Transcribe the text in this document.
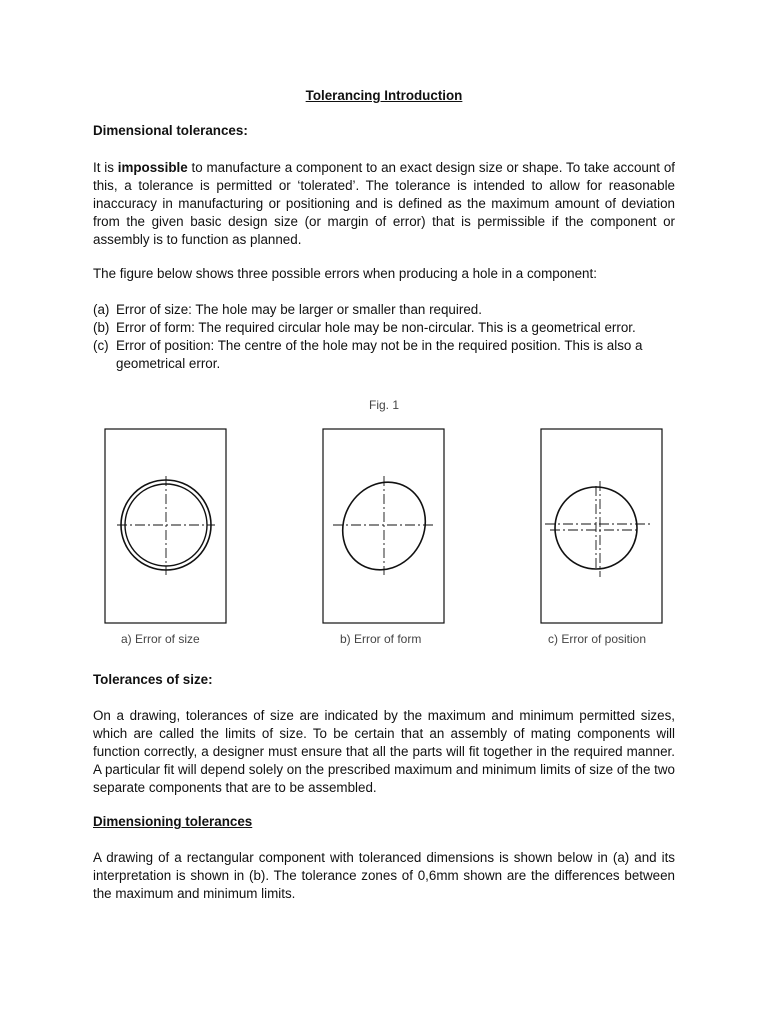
Tolerancing Introduction

Dimensional tolerances:

It is impossible to manufacture a component to an exact design size or shape. To take account of this, a tolerance is permitted or ‘tolerated’. The tolerance is intended to allow for reasonable inaccuracy in manufacturing or positioning and is defined as the maximum amount of deviation from the given basic design size (or margin of error) that is permissible if the component or assembly is to function as planned.

The figure below shows three possible errors when producing a hole in a component:

(a) Error of size: The hole may be larger or smaller than required.
(b) Error of form: The required circular hole may be non-circular. This is a geometrical error.
(c) Error of position: The centre of the hole may not be in the required position. This is also a geometrical error.
Fig. 1
a) Error of size	b) Error of form	c) Error of position

Tolerances of size:

On a drawing, tolerances of size are indicated by the maximum and minimum permitted sizes, which are called the limits of size. To be certain that an assembly of mating components will function correctly, a designer must ensure that all the parts will fit together in the required manner. A particular fit will depend solely on the prescribed maximum and minimum limits of size of the two separate components that are to be assembled.

Dimensioning tolerances

A drawing of a rectangular component with toleranced dimensions is shown below in (a) and its interpretation is shown in (b). The tolerance zones of 0,6mm shown are the differences between the maximum and minimum limits.
